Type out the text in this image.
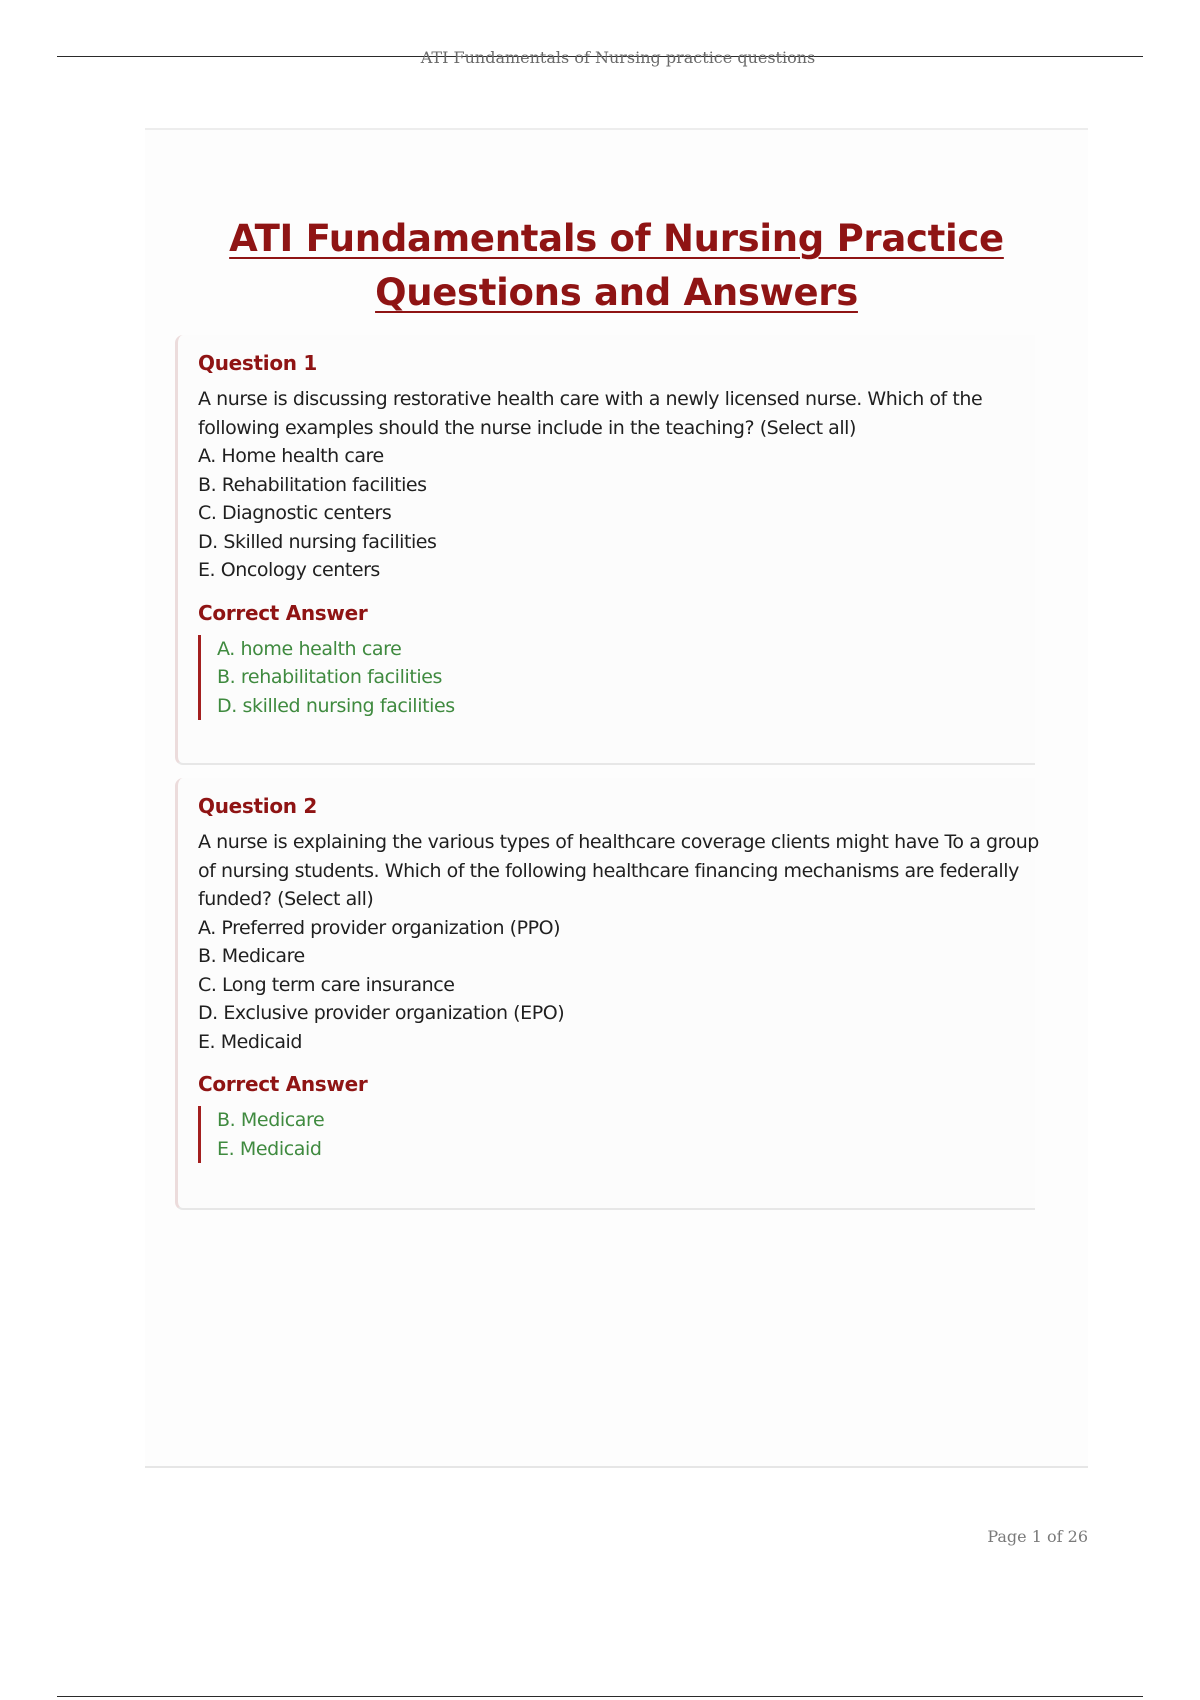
ATI Fundamentals of Nursing practice questions
ATI Fundamentals of Nursing Practice Questions and Answers
Question 1

A nurse is discussing restorative health care with a newly licensed nurse. Which of the following examples should the nurse include in the teaching? (Select all)

A. Home health care
B. Rehabilitation facilities
C. Diagnostic centers
D. Skilled nursing facilities
E. Oncology centers
Correct Answer
A. home health care
B. rehabilitation facilities
D. skilled nursing facilities
Question 2

A nurse is explaining the various types of healthcare coverage clients might have To a group of nursing students. Which of the following healthcare financing mechanisms are federally funded? (Select all)

A. Preferred provider organization (PPO)
B. Medicare
C. Long term care insurance
D. Exclusive provider organization (EPO)
E. Medicaid
Correct Answer
B. Medicare
E. Medicaid
Page 1 of 26
